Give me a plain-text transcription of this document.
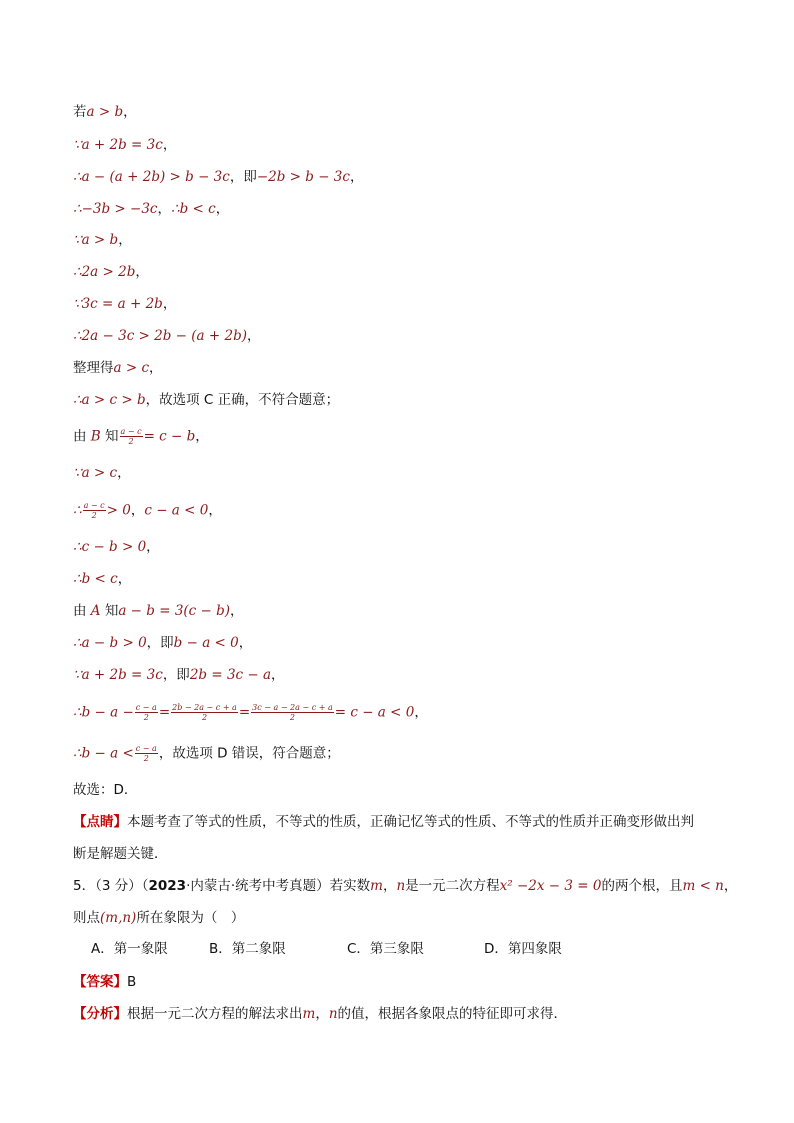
若a > b，
∵a + 2b = 3c，
∴a − (a + 2b) > b − 3c，即−2b > b − 3c，
∴−3b > −3c，∴b < c，
∵a > b，
∴2a > 2b，
∵3c = a + 2b，
∴2a − 3c > 2b − (a + 2b)，
整理得a > c，
∴a > c > b，故选项 C 正确，不符合题意；
由 B 知 $\frac{a - c}{2} = c - b$，
∵a > c，
∴ $\frac{a - c}{2} > 0$，c − a < 0，
∴c − b > 0，
∴b < c，
由 A 知a − b = 3(c − b)，
∴a − b > 0，即b − a < 0，
∵a + 2b = 3c，即2b = 3c − a，
∴b − $a - \frac{c - a}{2} = \frac{2b - 2a - c + a}{2} = \frac{3c - a - 2a - c + a}{2} = c - a < 0$，
∴b − $a < \frac{c - a}{2}$ ，故选项 D 错误，符合题意；
故选：D．
【点睛】本题考查了等式的性质，不等式的性质，正确记忆等式的性质、不等式的性质并正确变形做出判
断是解题关键．
5．（3 分）（2023·内蒙古·统考中考真题）若实数m，n是一元二次方程x² −2x − 3 = 0的两个根，且m < n，
则点(m,n)所在象限为（　）
【答案】B
【分析】根据一元二次方程的解法求出m，n的值，根据各象限点的特征即可求得．
A．第一象限	B．第二象限	C．第三象限	D．第四象限
